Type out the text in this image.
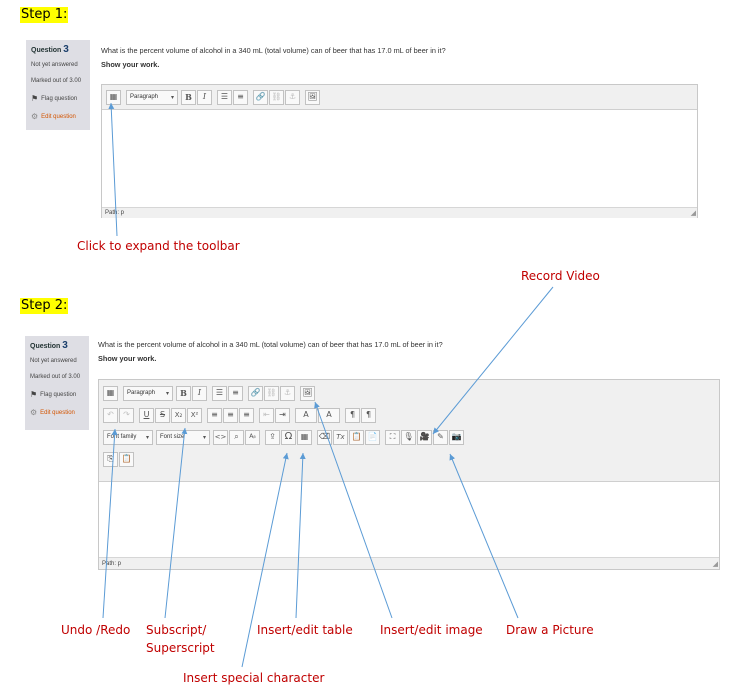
Step 1:
Question 3
Not yet answered
Marked out of 3.00
⚑ Flag question
⚙ Edit question
What is the percent volume of alcohol in a 340 mL (total volume) can of beer that has 17.0 mL of beer in it?
Show your work.
▦	Paragraph ▾	B	I	☰	≡	🔗 ⛓ ⚓	🖼
Path: p	◢
Click to expand the toolbar
Record Video
Step 2:
Question 3
Not yet answered
Marked out of 3.00
⚑ Flag question
⚙ Edit question
What is the percent volume of alcohol in a 340 mL (total volume) can of beer that has 17.0 mL of beer in it?
Show your work.
▦	Paragraph ▾	B	I	☰	≡	🔗 ⛓ ⚓	🖼
↶	↷	U	S	X₂	X²	≡	≡	≡	⇤	⇥	A	A	¶	¶
Font family ▾ Font size	▾ <> ⌕	Aᵦ	⇪ Ω	▦	⌫ Tx 📋 📄	⛶	🎙 🎥 ✎ 📷
⎘ 📋
Path: p	◢
Undo /Redo Subscript/
Superscript
Insert/edit table Insert/edit image Draw a Picture
Insert special character
